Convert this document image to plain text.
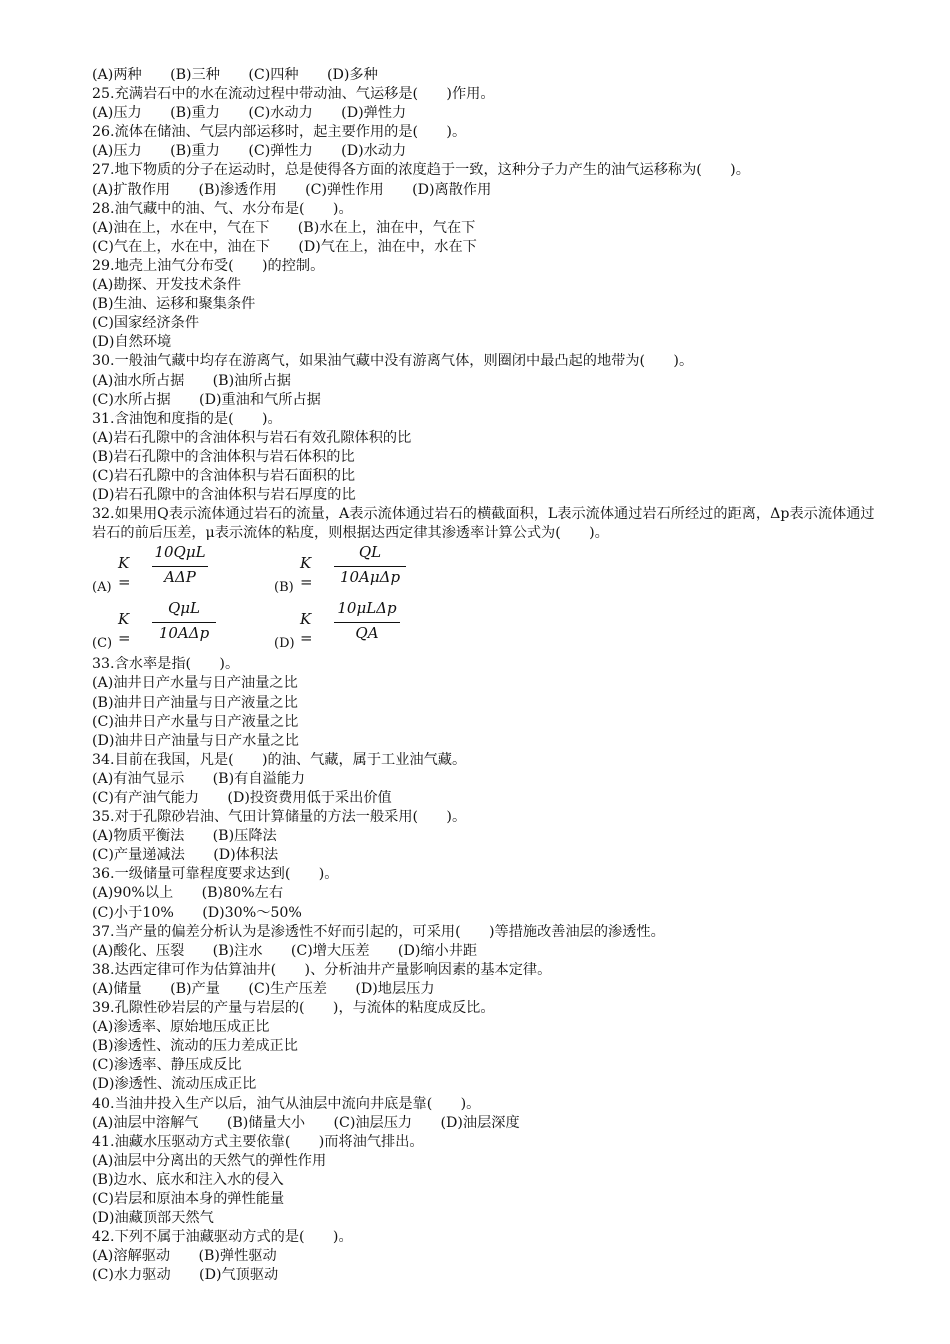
(A)两种　　(B)三种　　(C)四种　　(D)多种
25.充满岩石中的水在流动过程中带动油、气运移是(　　)作用。
(A)压力　　(B)重力　　(C)水动力　　(D)弹性力
26.流体在储油、气层内部运移时，起主要作用的是(　　)。
(A)压力　　(B)重力　　(C)弹性力　　(D)水动力
27.地下物质的分子在运动时，总是使得各方面的浓度趋于一致，这种分子力产生的油气运移称为(　　)。
(A)扩散作用　　(B)渗透作用　　(C)弹性作用　　(D)离散作用
28.油气藏中的油、气、水分布是(　　)。
(A)油在上，水在中，气在下　　(B)水在上，油在中，气在下
(C)气在上，水在中，油在下　　(D)气在上，油在中，水在下
29.地壳上油气分布受(　　)的控制。
(A)勘探、开发技术条件
(B)生油、运移和聚集条件
(C)国家经济条件
(D)自然环境
30.一般油气藏中均存在游离气，如果油气藏中没有游离气体，则圈闭中最凸起的地带为(　　)。
(A)油水所占据　　(B)油所占据
(C)水所占据　　(D)重油和气所占据
31.含油饱和度指的是(　　)。
(A)岩石孔隙中的含油体积与岩石有效孔隙体积的比
(B)岩石孔隙中的含油体积与岩石体积的比
(C)岩石孔隙中的含油体积与岩石面积的比
(D)岩石孔隙中的含油体积与岩石厚度的比
32.如果用Q表示流体通过岩石的流量，A表示流体通过岩石的横截面积，L表示流体通过岩石所经过的距离，Δp表示流体通过岩石的前后压差，μ表示流体的粘度，则根据达西定律其渗透率计算公式为(　　)。
(A)
K =
10QμL
AΔP
(B)
K =
QL
10AμΔp
(C)
K =
QμL
10AΔp
(D)
K =
10μLΔp
QA
33.含水率是指(　　)。
(A)油井日产水量与日产油量之比
(B)油井日产油量与日产液量之比
(C)油井日产水量与日产液量之比
(D)油井日产油量与日产水量之比
34.目前在我国，凡是(　　)的油、气藏，属于工业油气藏。
(A)有油气显示　　(B)有自溢能力
(C)有产油气能力　　(D)投资费用低于采出价值
35.对于孔隙砂岩油、气田计算储量的方法一般采用(　　)。
(A)物质平衡法　　(B)压降法
(C)产量递减法　　(D)体积法
36.一级储量可靠程度要求达到(　　)。
(A)90%以上　　(B)80%左右
(C)小于10%　　(D)30%～50%
37.当产量的偏差分析认为是渗透性不好而引起的，可采用(　　)等措施改善油层的渗透性。
(A)酸化、压裂　　(B)注水　　(C)增大压差　　(D)缩小井距
38.达西定律可作为估算油井(　　)、分析油井产量影响因素的基本定律。
(A)储量　　(B)产量　　(C)生产压差　　(D)地层压力
39.孔隙性砂岩层的产量与岩层的(　　)，与流体的粘度成反比。
(A)渗透率、原始地压成正比
(B)渗透性、流动的压力差成正比
(C)渗透率、静压成反比
(D)渗透性、流动压成正比
40.当油井投入生产以后，油气从油层中流向井底是靠(　　)。
(A)油层中溶解气　　(B)储量大小　　(C)油层压力　　(D)油层深度
41.油藏水压驱动方式主要依靠(　　)而将油气排出。
(A)油层中分离出的天然气的弹性作用
(B)边水、底水和注入水的侵入
(C)岩层和原油本身的弹性能量
(D)油藏顶部天然气
42.下列不属于油藏驱动方式的是(　　)。
(A)溶解驱动　　(B)弹性驱动
(C)水力驱动　　(D)气顶驱动
